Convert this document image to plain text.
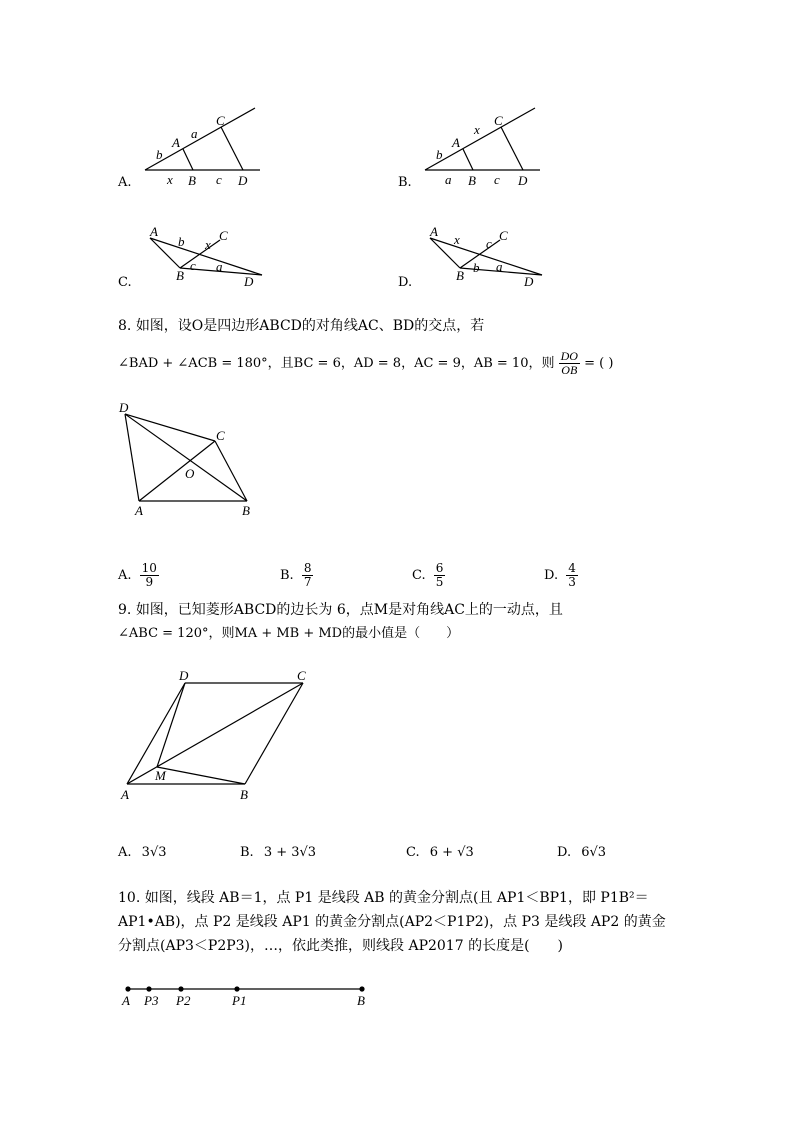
C
a
A
b
x B c D
A.
C
x
A
b
a B c D
B.
A
b x
C
B
c a
D
C.
A
x c
C
B
b a
D
D.
8. 如图，设O是四边形ABCD的对角线AC、BD的交点，若
∠BAD + ∠ACB = 180°，且BC = 6，AD = 8，AC = 9，AB = 10，则 $\frac{DO}{OB}$ = ( )
D
C
O
A	B
A. $\frac{10}{9}$	B. $\frac{8}{7}$	C. $\frac{6}{5}$	D. $\frac{4}{3}$
9. 如图，已知菱形ABCD的边长为 6，点M是对角线AC上的一动点，且
∠ABC = 120°，则MA + MB + MD的最小值是（　　）
D	C
M
A	B
A. 3√3	B. 3 + 3√3	C. 6 + √3	D. 6√3
10. 如图，线段 AB＝1，点 P1 是线段 AB 的黄金分割点(且 AP1＜BP1，即 P1B²＝
AP1•AB)，点 P2 是线段 AP1 的黄金分割点(AP2＜P1P2)，点 P3 是线段 AP2 的黄金
分割点(AP3＜P2P3)，…，依此类推，则线段 AP2017 的长度是(　　)
A P3 P2	P1	B
